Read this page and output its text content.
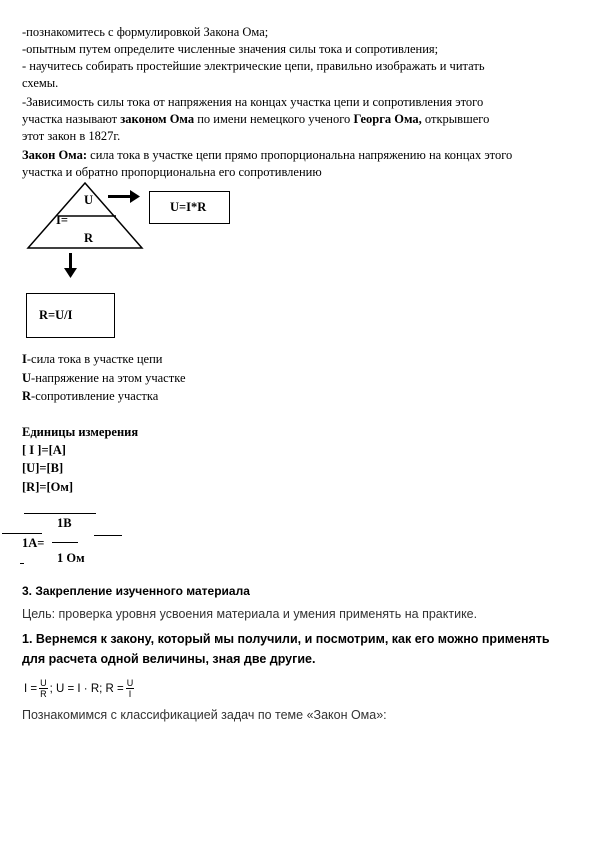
-познакомитесь с формулировкой Закона Ома;
-опытным путем определите численные значения силы тока и сопротивления;
- научитесь собирать простейшие электрические цепи, правильно изображать и читать
схемы.
-Зависимость силы тока от напряжения на концах участка цепи и сопротивления этого
участка называют законом Ома по имени немецкого ученого Георга Ома, открывшего
этот закон в 1827г.
Закон Ома: сила тока в участке цепи прямо пропорциональна напряжению на концах этого
участка и обратно пропорциональна его сопротивлению
U
I=
R
U=I*R
R=U/I
I-сила тока в участке цепи
U-напряжение на этом участке
R-сопротивление участка
Единицы измерения
[ I ]=[A]
[U]=[B]
[R]=[Ом]
1В
1А=
1 Ом
3. Закрепление изученного материала
Цель: проверка уровня усвоения материала и умения применять на практике.
1. Вернемся к закону, который мы получили, и посмотрим, как его можно применять
для расчета одной величины, зная две другие.
$I = \frac{U}{R}$ ; U = I · R; $R = \frac{U}{I}$
Познакомимся с классификацией задач по теме «Закон Ома»:
